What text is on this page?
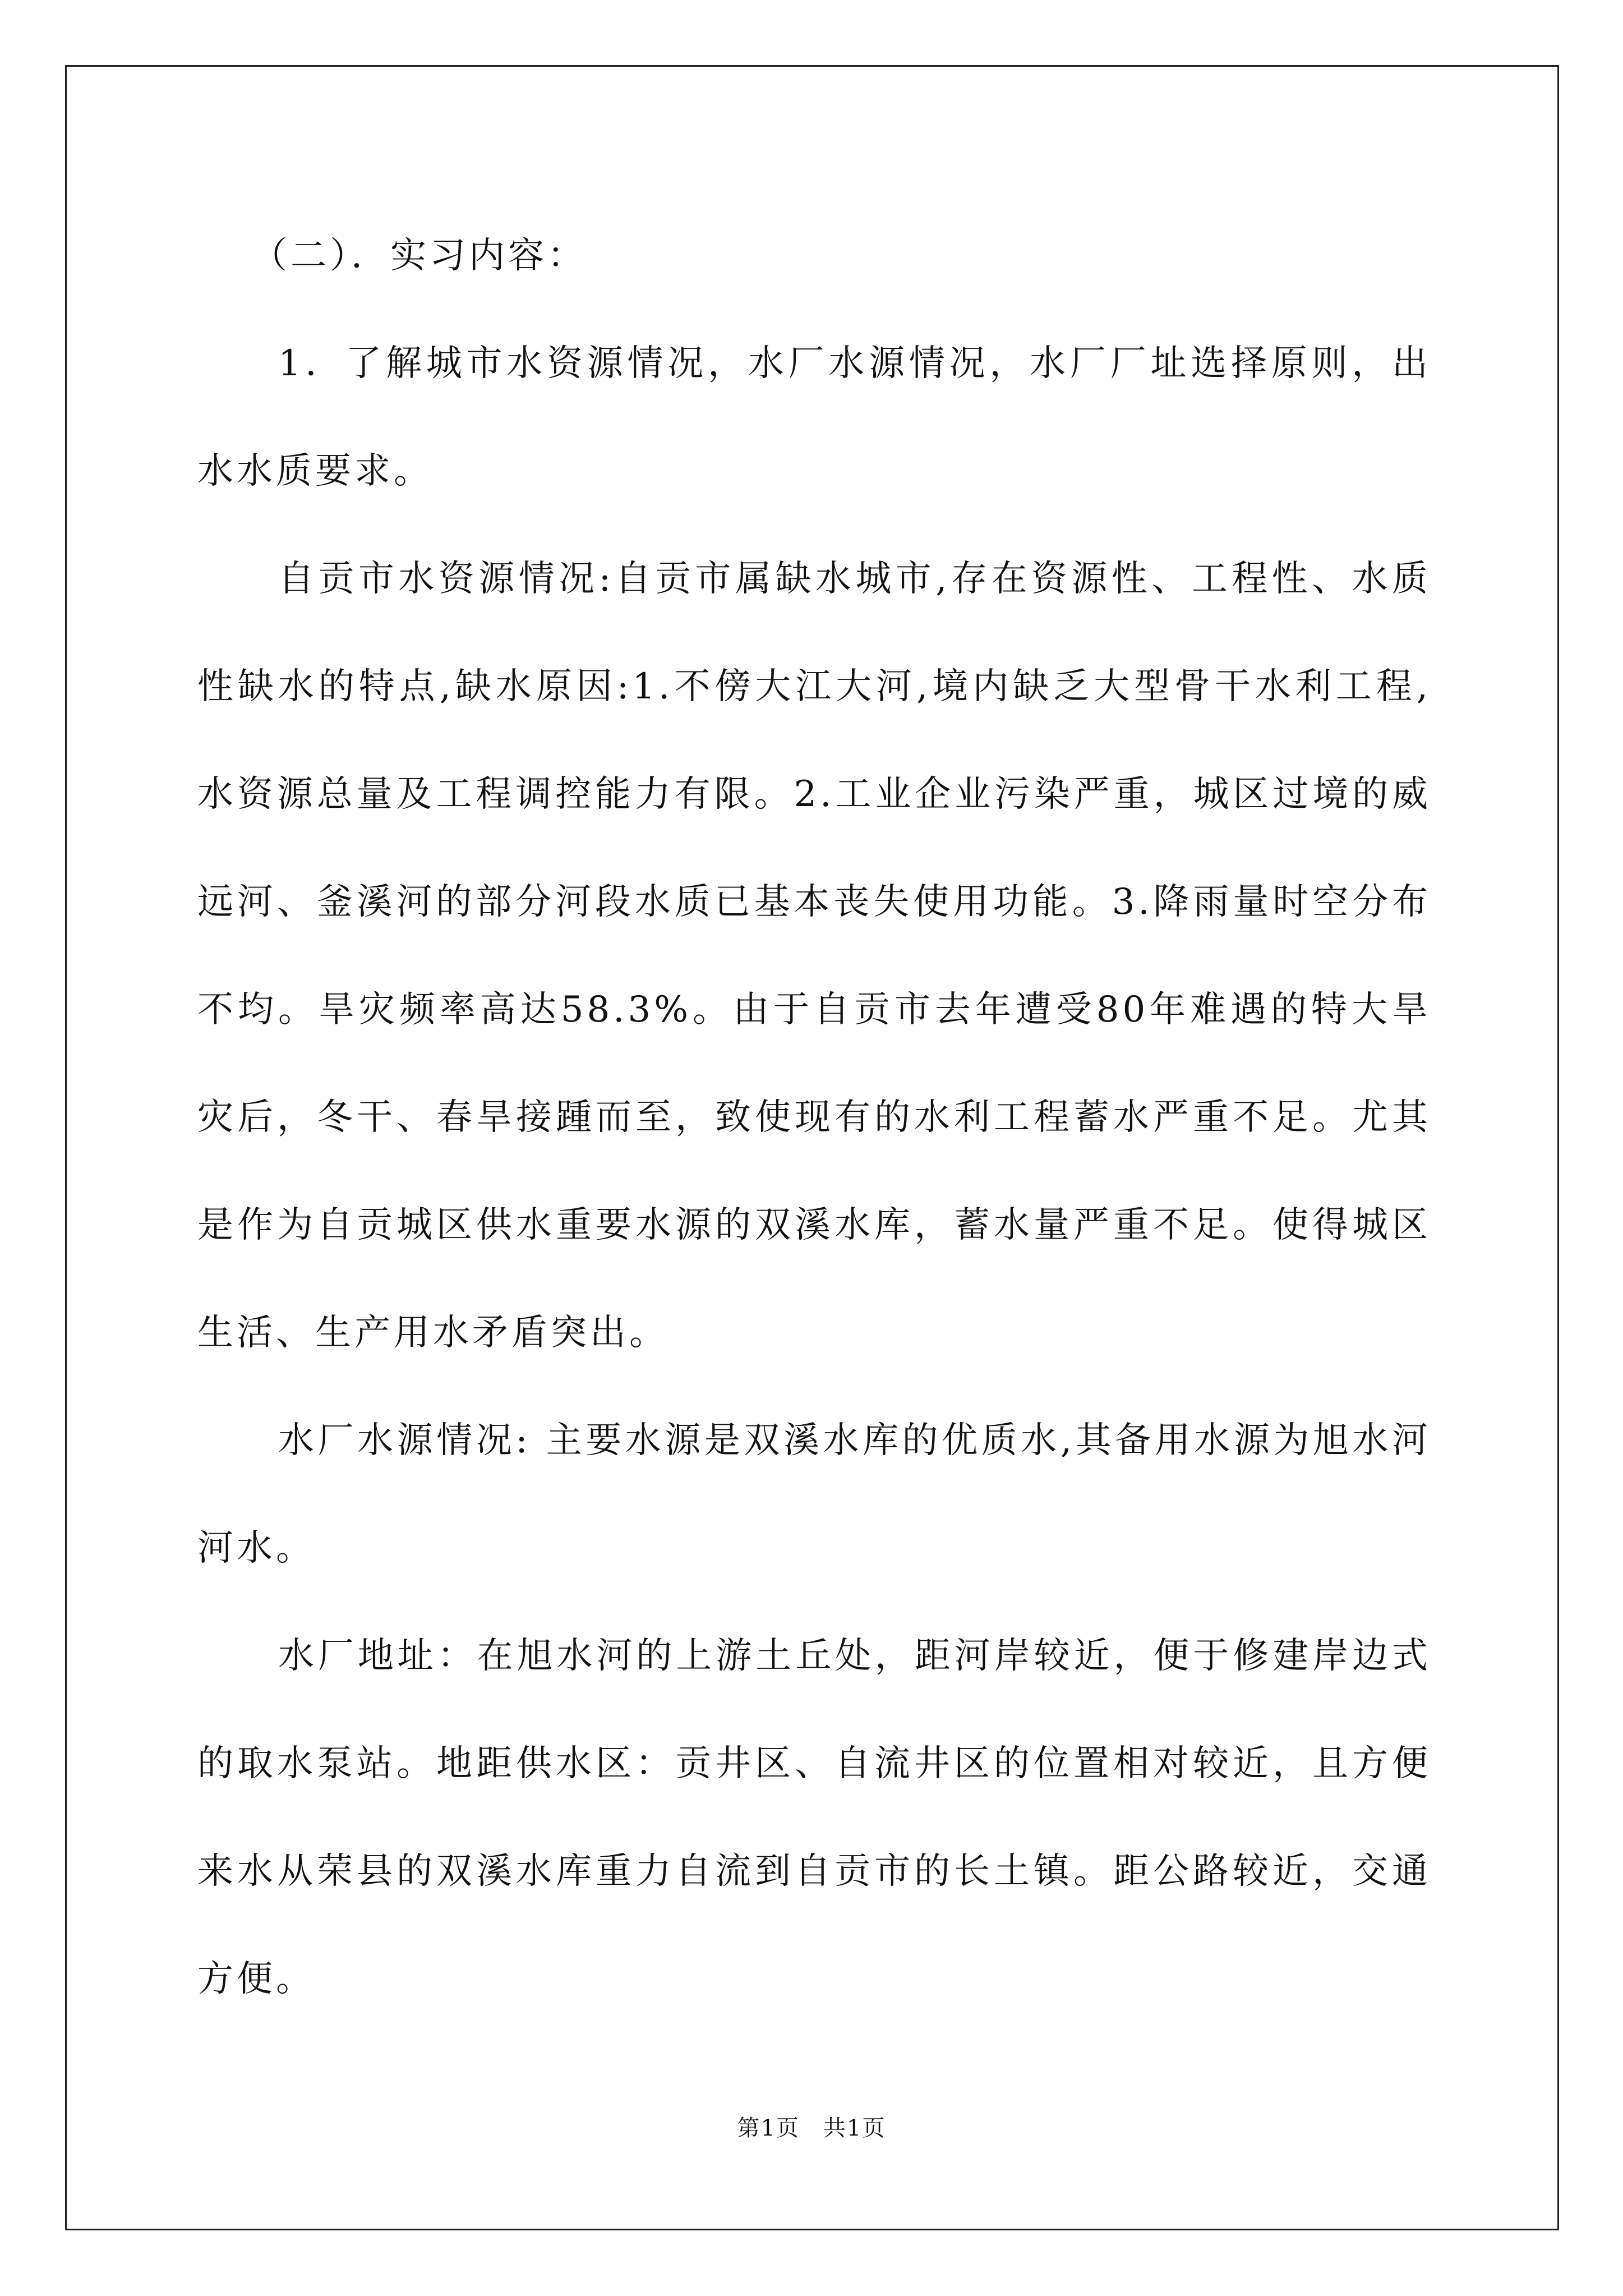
（二）．实习内容：

1．了解城市水资源情况，水厂水源情况，水厂厂址选择原则，出水水质要求。

自贡市水资源情况:自贡市属缺水城市,存在资源性、工程性、水质性缺水的特点,缺水原因:1.不傍大江大河,境内缺乏大型骨干水利工程,水资源总量及工程调控能力有限。2.工业企业污染严重，城区过境的威远河、釜溪河的部分河段水质已基本丧失使用功能。3.降雨量时空分布不均。旱灾频率高达58.3%。由于自贡市去年遭受80年难遇的特大旱灾后，冬干、春旱接踵而至，致使现有的水利工程蓄水严重不足。尤其是作为自贡城区供水重要水源的双溪水库，蓄水量严重不足。使得城区生活、生产用水矛盾突出。

水厂水源情况: 主要水源是双溪水库的优质水,其备用水源为旭水河河水。

水厂地址：在旭水河的上游土丘处，距河岸较近，便于修建岸边式的取水泵站。地距供水区：贡井区、自流井区的位置相对较近，且方便来水从荣县的双溪水库重力自流到自贡市的长土镇。距公路较近，交通方便。

第1页　共1页
